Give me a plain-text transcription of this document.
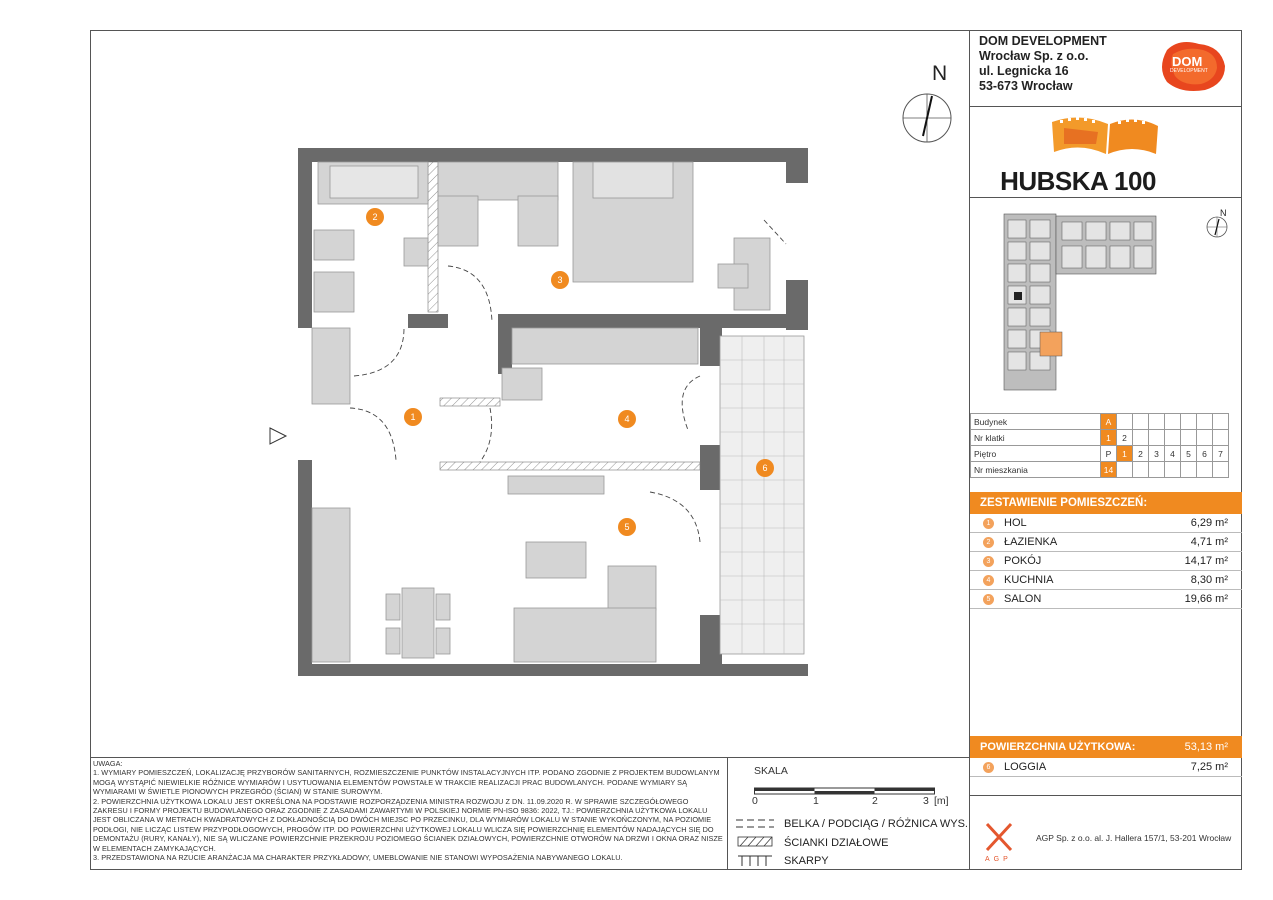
DOM DEVELOPMENT
Wrocław Sp. z o.o.
ul. Legnicka 16
53-673 Wrocław
DOM
DEVELOPMENT
HUBSKA 100
N
N
Budynek	A							
Nr klatki	1	2						
Piętro	P	1	2	3	4	5	6	7
Nr mieszkania	14							
ZESTAWIENIE POMIESZCZEŃ:
1	HOL	6,29 m²
2	ŁAZIENKA	4,71 m²
3	POKÓJ	14,17 m²
4	KUCHNIA	8,30 m²
5	SALON	19,66 m²
POWIERZCHNIA UŻYTKOWA:	53,13 m²
6	LOGGIA	7,25 m²
AGP
AGP Sp. z o.o. al. J. Hallera 157/1, 53-201 Wrocław
UWAGA:
1. WYMIARY POMIESZCZEŃ, LOKALIZACJĘ PRZYBORÓW SANITARNYCH, ROZMIESZCZENIE PUNKTÓW INSTALACYJNYCH ITP. PODANO ZGODNIE Z PROJEKTEM BUDOWLANYM MOGĄ WYSTĄPIĆ NIEWIELKIE RÓŻNICE WYMIARÓW I USYTUOWANIA ELEMENTÓW POWSTAŁE W TRAKCIE REALIZACJI PRAC BUDOWLANYCH. PODANE WYMIARY SĄ WYMIARAMI W ŚWIETLE PIONOWYCH PRZEGRÓD (ŚCIAN) W STANIE SUROWYM.
2. POWIERZCHNIA UŻYTKOWA LOKALU JEST OKREŚLONA NA PODSTAWIE ROZPORZĄDZENIA MINISTRA ROZWOJU Z DN. 11.09.2020 R. W SPRAWIE SZCZEGÓŁOWEGO ZAKRESU I FORMY PROJEKTU BUDOWLANEGO ORAZ ZGODNIE Z ZASADAMI ZAWARTYMI W POLSKIEJ NORMIE PN-ISO 9836: 2022, TJ.: POWIERZCHNIA UŻYTKOWA LOKALU JEST OBLICZANA W METRACH KWADRATOWYCH Z DOKŁADNOŚCIĄ DO DWÓCH MIEJSC PO PRZECINKU, DLA WYMIARÓW LOKALU W STANIE WYKOŃCZONYM, NA POZIOMIE PODŁOGI, NIE LICZĄC LISTEW PRZYPODŁOGOWYCH, PROGÓW ITP. DO POWIERZCHNI UŻYTKOWEJ LOKALU WLICZA SIĘ POWIERZCHNIĘ ELEMENTÓW NADAJĄCYCH SIĘ DO DEMONTAŻU (RURY, KANAŁY), NIE SĄ WLICZANE POWIERZCHNIE PRZEKROJU POZIOMEGO ŚCIANEK DZIAŁOWYCH, POWIERZCHNIE OTWORÓW NA DRZWI I OKNA ORAZ NISZE W ELEMENTACH ZAMYKAJĄCYCH.
3. PRZEDSTAWIONA NA RZUCIE ARANŻACJA MA CHARAKTER PRZYKŁADOWY, UMEBLOWANIE NIE STANOWI WYPOSAŻENIA NABYWANEGO LOKALU.
SKALA
0	1	2	3 [m]
BELKA / PODCIĄG / RÓŻNICA WYS.
ŚCIANKI DZIAŁOWE
SKARPY
2
3
1	4
6
5
